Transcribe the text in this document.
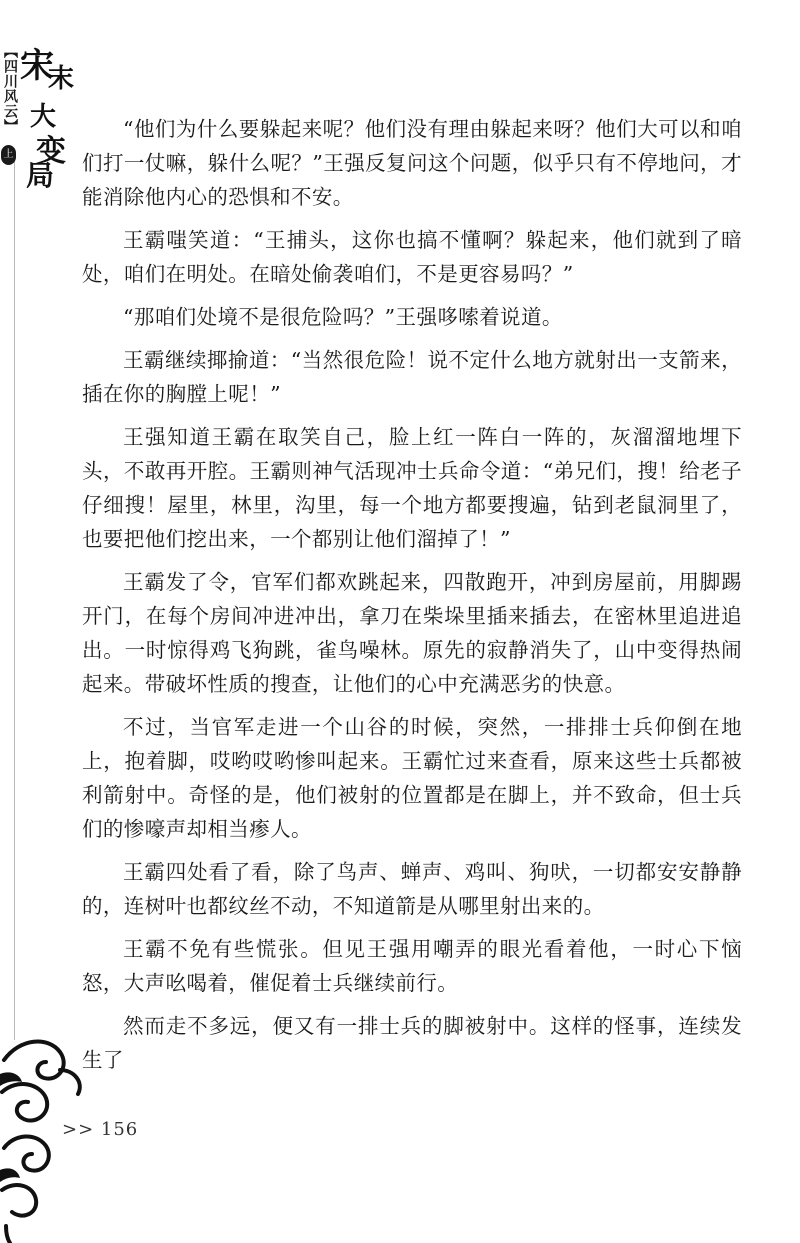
【四川风云】
上
宋
末
大
变
局

“他们为什么要躲起来呢？他们没有理由躲起来呀？他们大可以和咱们打一仗嘛，躲什么呢？”王强反复问这个问题，似乎只有不停地问，才能消除他内心的恐惧和不安。

王霸嗤笑道：“王捕头，这你也搞不懂啊？躲起来，他们就到了暗处，咱们在明处。在暗处偷袭咱们，不是更容易吗？”

“那咱们处境不是很危险吗？”王强哆嗦着说道。

王霸继续揶揄道：“当然很危险！说不定什么地方就射出一支箭来，插在你的胸膛上呢！”

王强知道王霸在取笑自己，脸上红一阵白一阵的，灰溜溜地埋下头，不敢再开腔。王霸则神气活现冲士兵命令道：“弟兄们，搜！给老子仔细搜！屋里，林里，沟里，每一个地方都要搜遍，钻到老鼠洞里了，也要把他们挖出来，一个都别让他们溜掉了！”

王霸发了令，官军们都欢跳起来，四散跑开，冲到房屋前，用脚踢开门，在每个房间冲进冲出，拿刀在柴垛里插来插去，在密林里追进追出。一时惊得鸡飞狗跳，雀鸟噪林。原先的寂静消失了，山中变得热闹起来。带破坏性质的搜查，让他们的心中充满恶劣的快意。

不过，当官军走进一个山谷的时候，突然，一排排士兵仰倒在地上，抱着脚，哎哟哎哟惨叫起来。王霸忙过来查看，原来这些士兵都被利箭射中。奇怪的是，他们被射的位置都是在脚上，并不致命，但士兵们的惨嚎声却相当瘆人。

王霸四处看了看，除了鸟声、蝉声、鸡叫、狗吠，一切都安安静静的，连树叶也都纹丝不动，不知道箭是从哪里射出来的。

王霸不免有些慌张。但见王强用嘲弄的眼光看着他，一时心下恼怒，大声吆喝着，催促着士兵继续前行。

然而走不多远，便又有一排士兵的脚被射中。这样的怪事，连续发生了

>> 156
